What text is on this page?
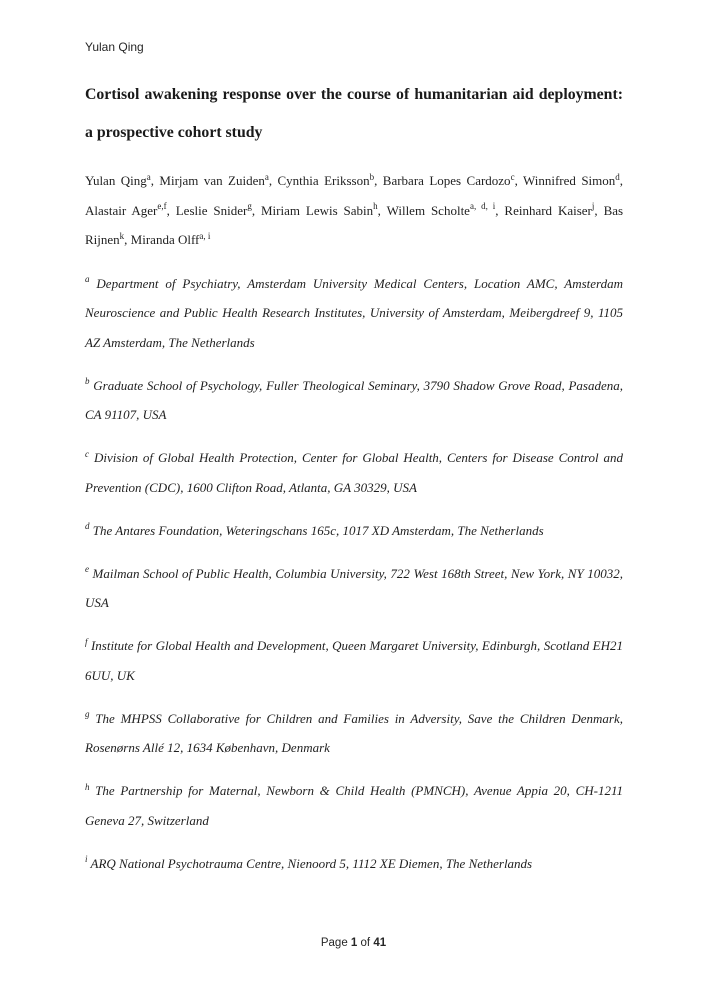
Yulan Qing

Cortisol awakening response over the course of humanitarian aid deployment: a prospective cohort study

Yulan Qing$^a$, Mirjam van Zuiden$^a$, Cynthia Eriksson$^b$, Barbara Lopes Cardozo$^c$, Winnifred Simon$^d$, Alastair Ager$^{e,f}$, Leslie Snider$^g$, Miriam Lewis Sabin$^h$, Willem Scholte$^{a, d, i}$, Reinhard Kaiser$^j$, Bas Rijnen$^k$, Miranda Olff$^{a, i}$

$^a$ Department of Psychiatry, Amsterdam University Medical Centers, Location AMC, Amsterdam Neuroscience and Public Health Research Institutes, University of Amsterdam, Meibergdreef 9, 1105 AZ Amsterdam, The Netherlands

$^b$ Graduate School of Psychology, Fuller Theological Seminary, 3790 Shadow Grove Road, Pasadena, CA 91107, USA

$^c$ Division of Global Health Protection, Center for Global Health, Centers for Disease Control and Prevention (CDC), 1600 Clifton Road, Atlanta, GA 30329, USA

$^d$ The Antares Foundation, Weteringschans 165c, 1017 XD Amsterdam, The Netherlands

$^e$ Mailman School of Public Health, Columbia University, 722 West 168th Street, New York, NY 10032, USA

$^f$ Institute for Global Health and Development, Queen Margaret University, Edinburgh, Scotland EH21 6UU, UK

$^g$ The MHPSS Collaborative for Children and Families in Adversity, Save the Children Denmark, Rosenørns Allé 12, 1634 København, Denmark

$^h$ The Partnership for Maternal, Newborn & Child Health (PMNCH), Avenue Appia 20, CH-1211 Geneva 27, Switzerland

$^i$ ARQ National Psychotrauma Centre, Nienoord 5, 1112 XE Diemen, The Netherlands

Page 1 of 41
